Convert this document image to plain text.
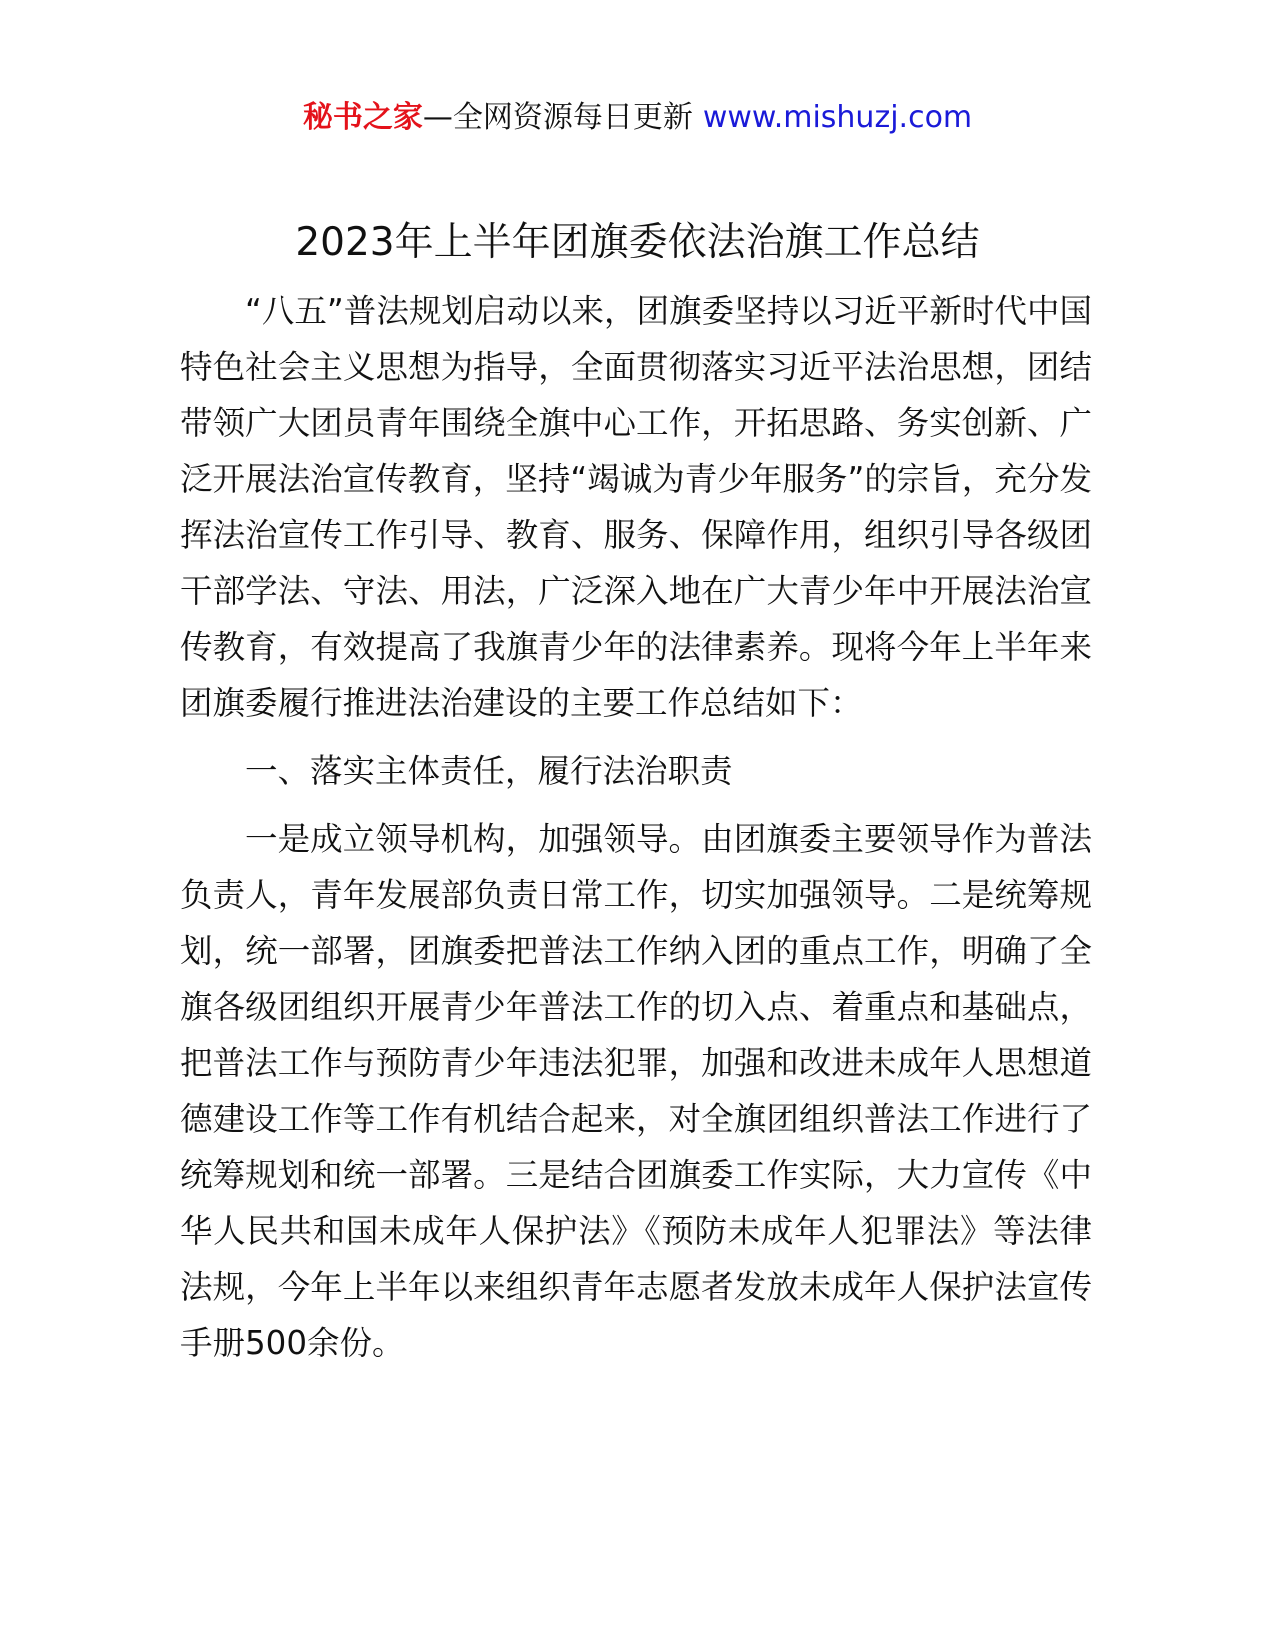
秘书之家—全网资源每日更新 www.mishuzj.com
2023年上半年团旗委依法治旗工作总结

“八五”普法规划启动以来，团旗委坚持以习近平新时代中国特色社会主义思想为指导，全面贯彻落实习近平法治思想，团结带领广大团员青年围绕全旗中心工作，开拓思路、务实创新、广泛开展法治宣传教育，坚持“竭诚为青少年服务”的宗旨，充分发挥法治宣传工作引导、教育、服务、保障作用，组织引导各级团干部学法、守法、用法，广泛深入地在广大青少年中开展法治宣传教育，有效提高了我旗青少年的法律素养。现将今年上半年来团旗委履行推进法治建设的主要工作总结如下：

一、落实主体责任，履行法治职责

一是成立领导机构，加强领导。由团旗委主要领导作为普法负责人，青年发展部负责日常工作，切实加强领导。二是统筹规划，统一部署，团旗委把普法工作纳入团的重点工作，明确了全旗各级团组织开展青少年普法工作的切入点、着重点和基础点，把普法工作与预防青少年违法犯罪，加强和改进未成年人思想道德建设工作等工作有机结合起来，对全旗团组织普法工作进行了统筹规划和统一部署。三是结合团旗委工作实际，大力宣传《中华人民共和国未成年人保护法》《预防未成年人犯罪法》等法律法规，今年上半年以来组织青年志愿者发放未成年人保护法宣传手册500余份。
